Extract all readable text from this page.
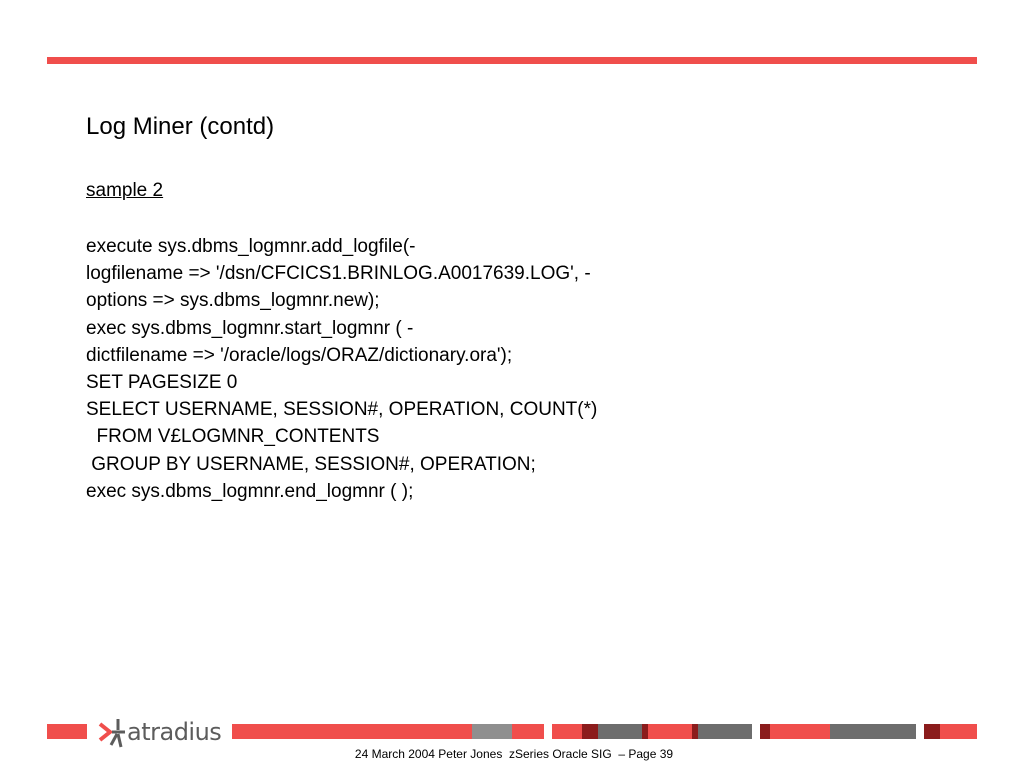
Log Miner (contd)
sample 2
execute sys.dbms_logmnr.add_logfile(-
logfilename => '/dsn/CFCICS1.BRINLOG.A0017639.LOG', -
options => sys.dbms_logmnr.new);
exec sys.dbms_logmnr.start_logmnr ( -
dictfilename => '/oracle/logs/ORAZ/dictionary.ora');
SET PAGESIZE 0
SELECT USERNAME, SESSION#, OPERATION, COUNT(*)
FROM V£LOGMNR_CONTENTS
GROUP BY USERNAME, SESSION#, OPERATION;
exec sys.dbms_logmnr.end_logmnr ( );
atradius
24 March 2004 Peter Jones  zSeries Oracle SIG  – Page 39
